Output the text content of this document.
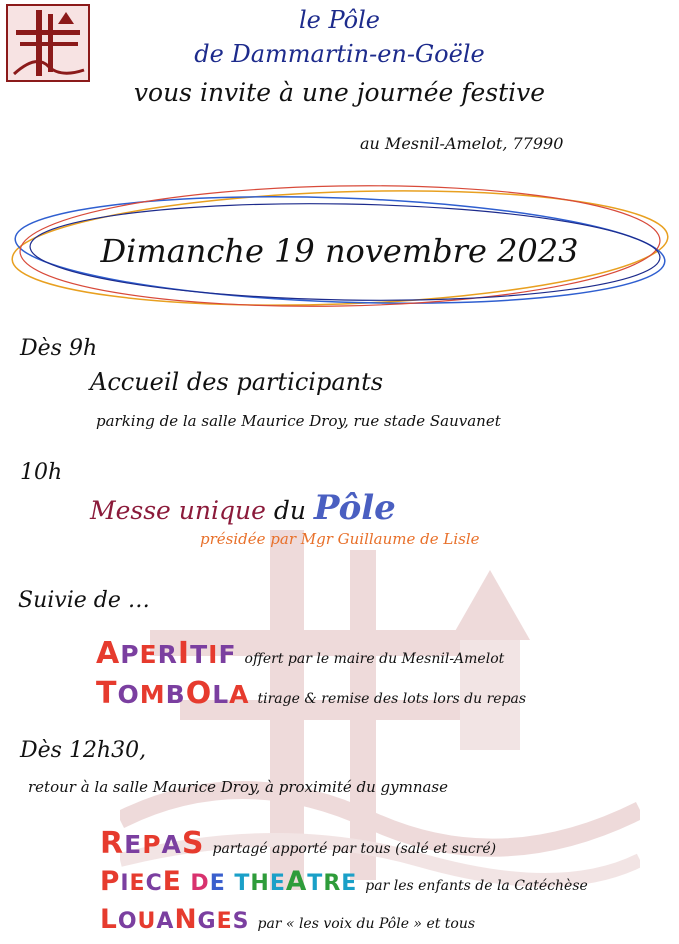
le Pôle
de Dammartin-en-Goële
vous invite à une journée festive
au Mesnil-Amelot, 77990
Dimanche 19 novembre 2023
Dès 9h
Accueil des participants
parking de la salle Maurice Droy, rue stade Sauvanet
10h
Messe unique du Pôle
présidée par Mgr Guillaume de Lisle
Suivie de …
APERITIF offert par le maire du Mesnil-Amelot
TOMBOLA tirage & remise des lots lors du repas
Dès 12h30,
retour à la salle Maurice Droy, à proximité du gymnase
REPAS partagé apporté par tous (salé et sucré)
PIECE DE THEATRE par les enfants de la Catéchèse
LOUANGES par « les voix du Pôle » et tous
